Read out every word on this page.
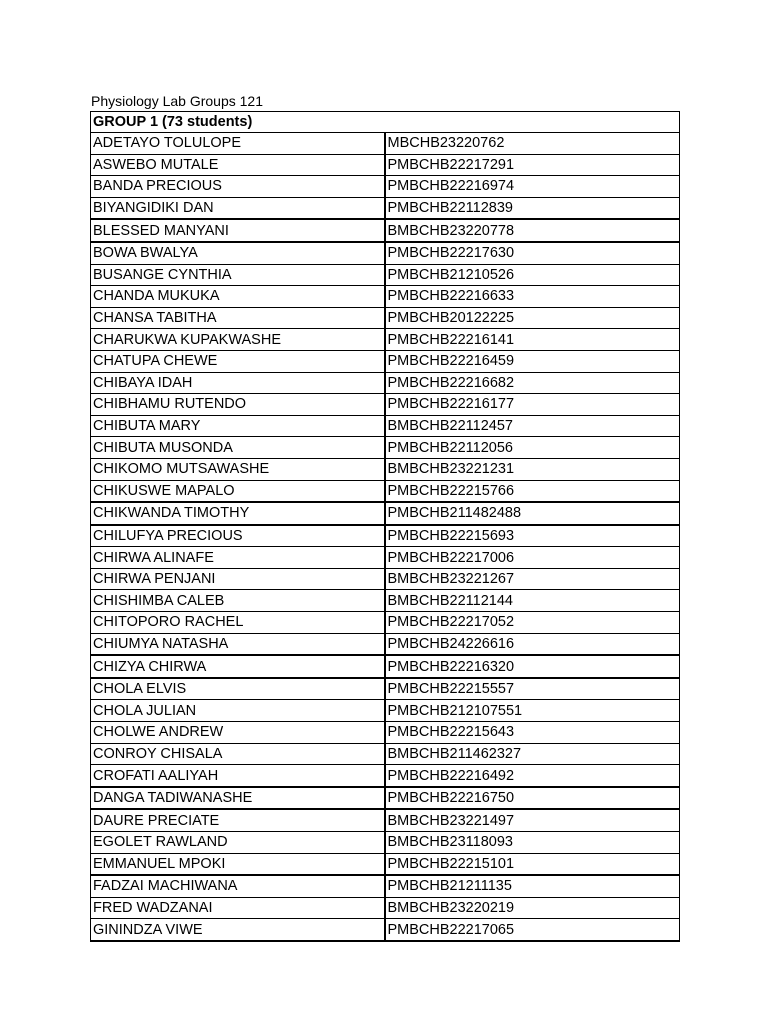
Physiology Lab Groups 121
GROUP 1 (73 students)	
ADETAYO TOLULOPE	MBCHB23220762
ASWEBO MUTALE	PMBCHB22217291
BANDA PRECIOUS	PMBCHB22216974
BIYANGIDIKI DAN	PMBCHB22112839
BLESSED MANYANI	BMBCHB23220778
BOWA BWALYA	PMBCHB22217630
BUSANGE CYNTHIA	PMBCHB21210526
CHANDA MUKUKA	PMBCHB22216633
CHANSA TABITHA	PMBCHB20122225
CHARUKWA KUPAKWASHE	PMBCHB22216141
CHATUPA CHEWE	PMBCHB22216459
CHIBAYA IDAH	PMBCHB22216682
CHIBHAMU RUTENDO	PMBCHB22216177
CHIBUTA MARY	BMBCHB22112457
CHIBUTA MUSONDA	PMBCHB22112056
CHIKOMO MUTSAWASHE	BMBCHB23221231
CHIKUSWE MAPALO	PMBCHB22215766
CHIKWANDA TIMOTHY	PMBCHB211482488
CHILUFYA PRECIOUS	PMBCHB22215693
CHIRWA ALINAFE	PMBCHB22217006
CHIRWA PENJANI	BMBCHB23221267
CHISHIMBA CALEB	BMBCHB22112144
CHITOPORO RACHEL	PMBCHB22217052
CHIUMYA NATASHA	PMBCHB24226616
CHIZYA CHIRWA	PMBCHB22216320
CHOLA ELVIS	PMBCHB22215557
CHOLA JULIAN	PMBCHB212107551
CHOLWE ANDREW	PMBCHB22215643
CONROY CHISALA	BMBCHB211462327
CROFATI AALIYAH	PMBCHB22216492
DANGA TADIWANASHE	PMBCHB22216750
DAURE PRECIATE	BMBCHB23221497
EGOLET RAWLAND	BMBCHB23118093
EMMANUEL MPOKI	PMBCHB22215101
FADZAI MACHIWANA	PMBCHB21211135
FRED WADZANAI	BMBCHB23220219
GININDZA VIWE	PMBCHB22217065
